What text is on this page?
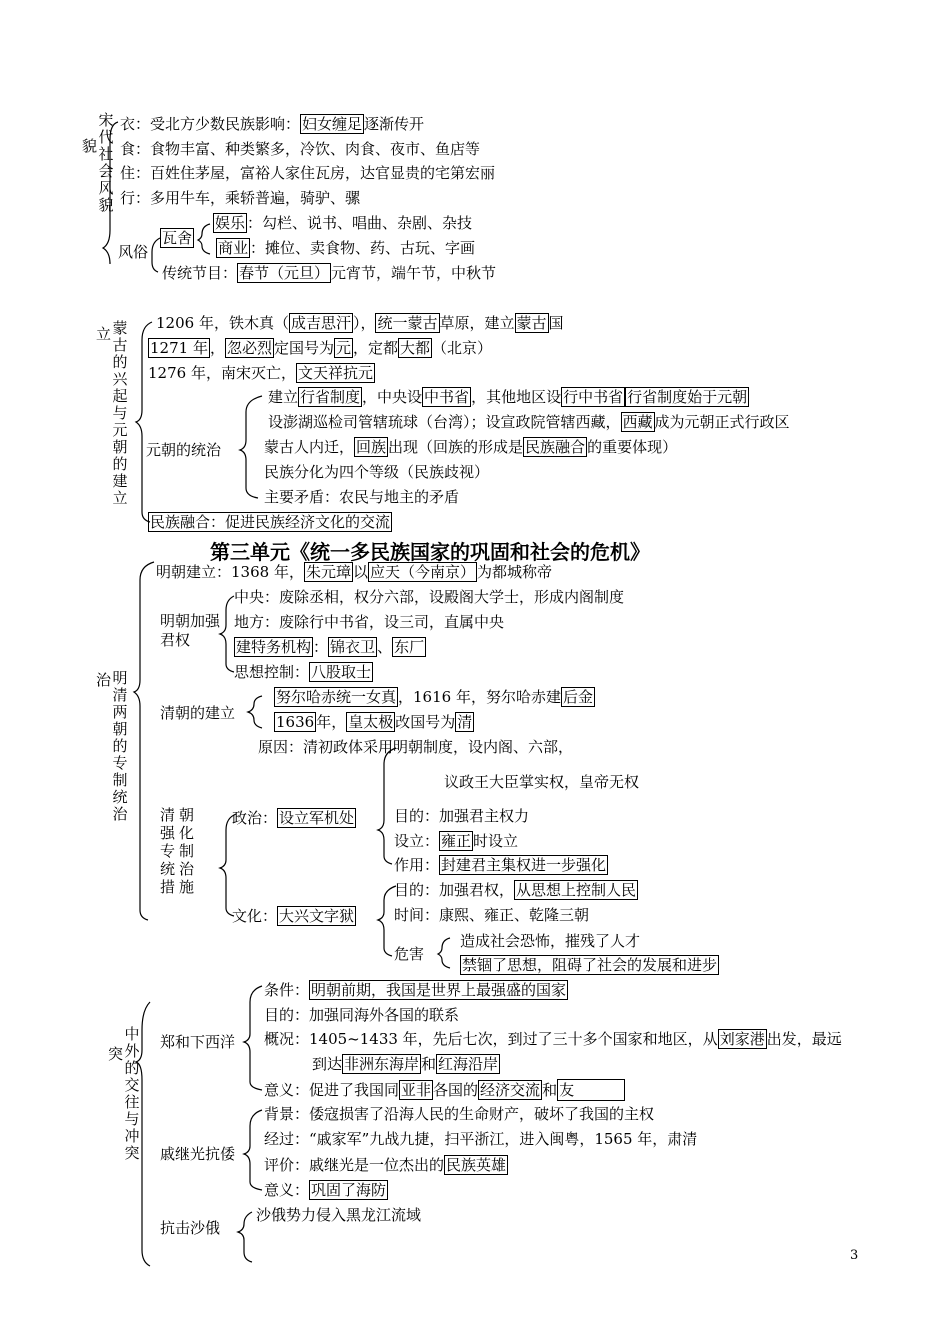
貌
宋代社会风貌
衣：受北方少数民族影响： 妇女缠足 逐渐传开
食：食物丰富、种类繁多，冷饮、肉食、夜市、鱼店等
住：百姓住茅屋，富裕人家住瓦房，达官显贵的宅第宏丽
行：多用牛车，乘轿普遍，骑驴、骡
娱乐 ：勾栏、说书、唱曲、杂剧、杂技
瓦舍
商业 ：摊位、卖食物、药、古玩、字画
风俗
传统节目： 春节（元旦） 元宵节，端午节，中秋节
立 蒙古的兴起与元朝的建立
1206 年，铁木真（ 成吉思汗 ）， 统一蒙古 草原，建立 蒙古 国
1271 年 ， 忽必烈 定国号为 元 ，定都 大都 （北京）
1276 年，南宋灭亡， 文天祥抗元
建立 行省制度 ，中央设 中书省 ，其他地区设 行中书省 行省制度始于元朝
设澎湖巡检司管辖琉球（台湾）；设宣政院管辖西藏， 西藏 成为元朝正式行政区
元朝的统治	蒙古人内迁， 回族 出现（回族的形成是 民族融合 的重要体现）
民族分化为四个等级（民族歧视）
主要矛盾：农民与地主的矛盾
民族融合：促进民族经济文化的交流
第三单元《统一多民族国家的巩固和社会的危机》
治 明清两朝的专制统治
明朝建立：1368 年， 朱元璋 以 应天（今南京） 为都城称帝
明朝加强君权
中央：废除丞相，权分六部，设殿阁大学士，形成内阁制度
地方：废除行中书省，设三司，直属中央
建特务机构 ： 锦衣卫 、 东厂
思想控制： 八股取士
清朝的建立
努尔哈赤统一女真 ，1616 年，努尔哈赤建 后金
1636 年， 皇太极 改国号为 清
原因：清初政体采用明朝制度，设内阁、六部，
议政王大臣掌实权，皇帝无权
清朝强化专制统治措施
政治： 设立军机处	目的：加强君主权力
设立： 雍正 时设立
作用： 封建君主集权进一步强化
文化： 大兴文字狱
目的：加强君权， 从思想上控制人民
时间：康熙、雍正、乾隆三朝
危害
造成社会恐怖，摧残了人才
禁锢了思想，阻碍了社会的发展和进步
突
中外的交往与冲突
郑和下西洋
条件： 明朝前期，我国是世界上最强盛的国家
目的：加强同海外各国的联系
概况：1405~1433 年，先后七次，到过了三十多个国家和地区，从 刘家港 出发，最远
到达 非洲东海岸 和 红海沿岸
意义：促进了我国同 亚非 各国的 经济交流 和 友
戚继光抗倭
背景：倭寇损害了沿海人民的生命财产，破坏了我国的主权
经过：“戚家军”九战九捷，扫平浙江，进入闽粤，1565 年，肃清
评价：戚继光是一位杰出的 民族英雄
意义： 巩固了海防
抗击沙俄
沙俄势力侵入黑龙江流域
3
